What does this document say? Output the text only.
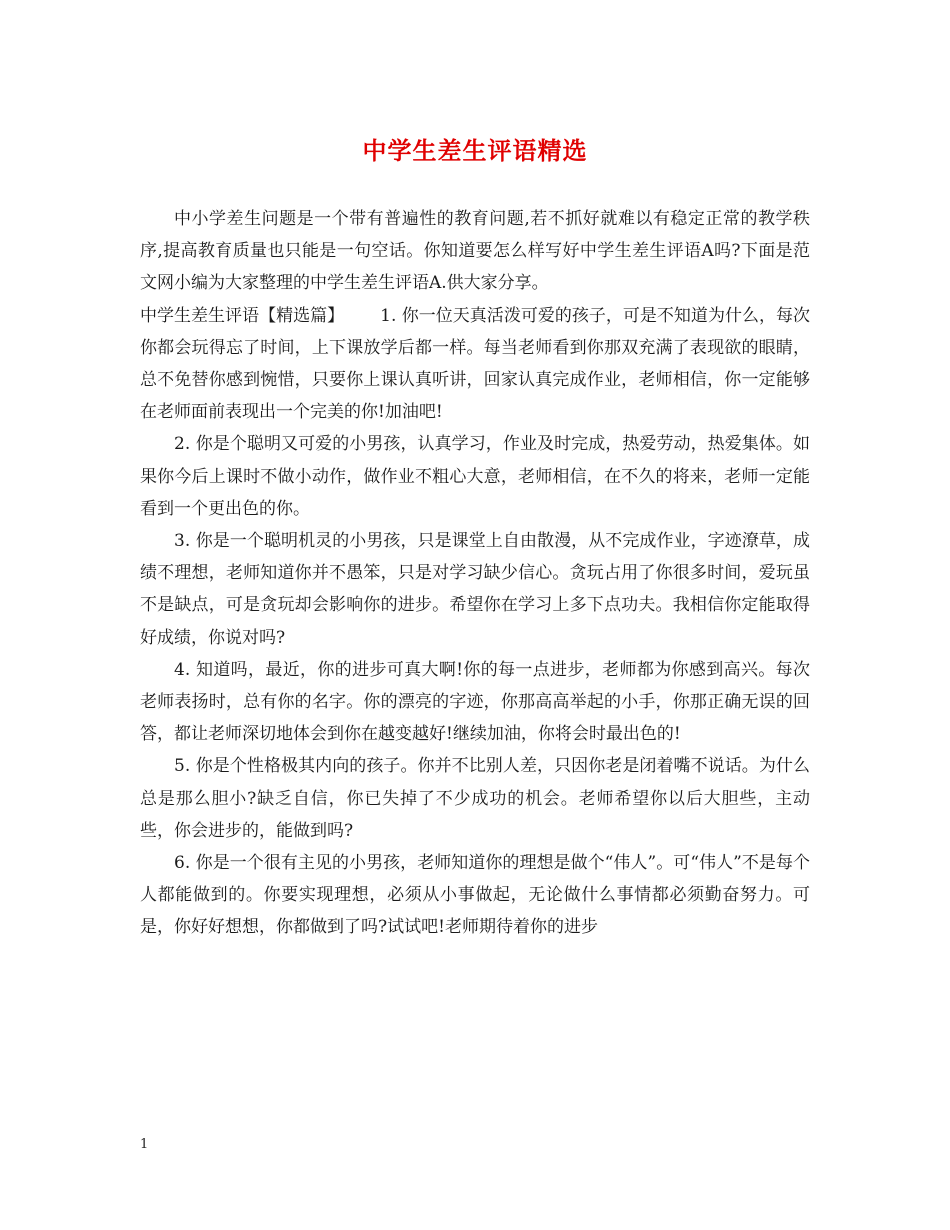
中学生差生评语精选

中小学差生问题是一个带有普遍性的教育问题,若不抓好就难以有稳定正常的教学秩序,提高教育质量也只能是一句空话。你知道要怎么样写好中学生差生评语A吗?下面是范文网小编为大家整理的中学生差生评语A.供大家分享。

中学生差生评语【精选篇】 1. 你一位天真活泼可爱的孩子，可是不知道为什么，每次你都会玩得忘了时间，上下课放学后都一样。每当老师看到你那双充满了表现欲的眼睛，总不免替你感到惋惜，只要你上课认真听讲，回家认真完成作业，老师相信，你一定能够在老师面前表现出一个完美的你!加油吧!

2. 你是个聪明又可爱的小男孩，认真学习，作业及时完成，热爱劳动，热爱集体。如果你今后上课时不做小动作，做作业不粗心大意，老师相信，在不久的将来，老师一定能看到一个更出色的你。

3. 你是一个聪明机灵的小男孩，只是课堂上自由散漫，从不完成作业，字迹潦草，成绩不理想，老师知道你并不愚笨，只是对学习缺少信心。贪玩占用了你很多时间，爱玩虽不是缺点，可是贪玩却会影响你的进步。希望你在学习上多下点功夫。我相信你定能取得好成绩，你说对吗?

4. 知道吗，最近，你的进步可真大啊!你的每一点进步，老师都为你感到高兴。每次老师表扬时，总有你的名字。你的漂亮的字迹，你那高高举起的小手，你那正确无误的回答，都让老师深切地体会到你在越变越好!继续加油，你将会时最出色的!

5. 你是个性格极其内向的孩子。你并不比别人差，只因你老是闭着嘴不说话。为什么总是那么胆小?缺乏自信，你已失掉了不少成功的机会。老师希望你以后大胆些，主动些，你会进步的，能做到吗?

6. 你是一个很有主见的小男孩，老师知道你的理想是做个“伟人”。可“伟人”不是每个人都能做到的。你要实现理想，必须从小事做起，无论做什么事情都必须勤奋努力。可是，你好好想想，你都做到了吗?试试吧!老师期待着你的进步

1
